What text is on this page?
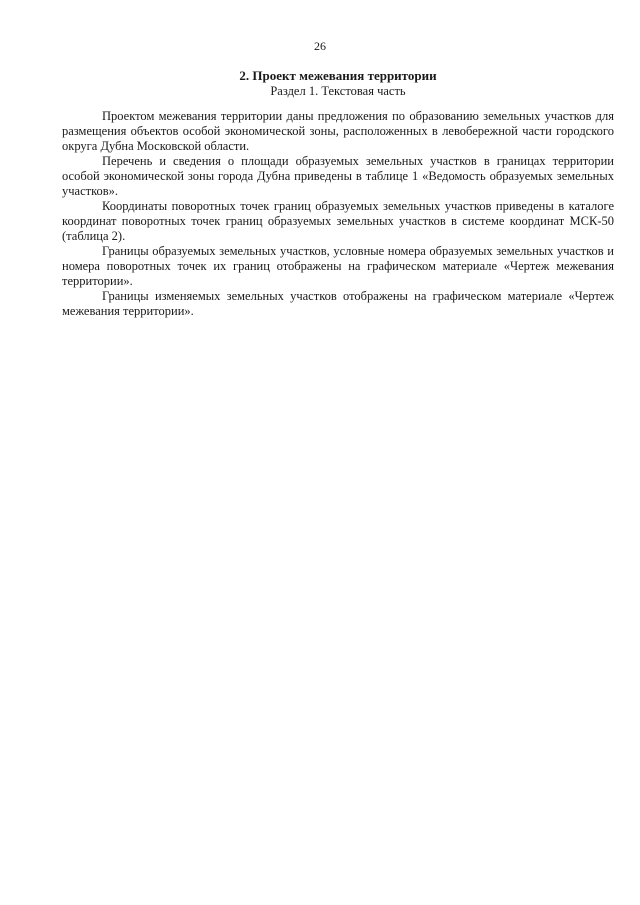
26
2. Проект межевания территории
Раздел 1. Текстовая часть

Проектом межевания территории даны предложения по образованию земельных участков для размещения объектов особой экономической зоны, расположенных в левобережной части городского округа Дубна Московской области.

Перечень и сведения о площади образуемых земельных участков в границах территории особой экономической зоны города Дубна приведены в таблице 1 «Ведомость образуемых земельных участков».

Координаты поворотных точек границ образуемых земельных участков приведены в каталоге координат поворотных точек границ образуемых земельных участков в системе координат МСК-50 (таблица 2).

Границы образуемых земельных участков, условные номера образуемых земельных участков и номера поворотных точек их границ отображены на графическом материале «Чертеж межевания территории».

Границы изменяемых земельных участков отображены на графическом материале «Чертеж межевания территории».
